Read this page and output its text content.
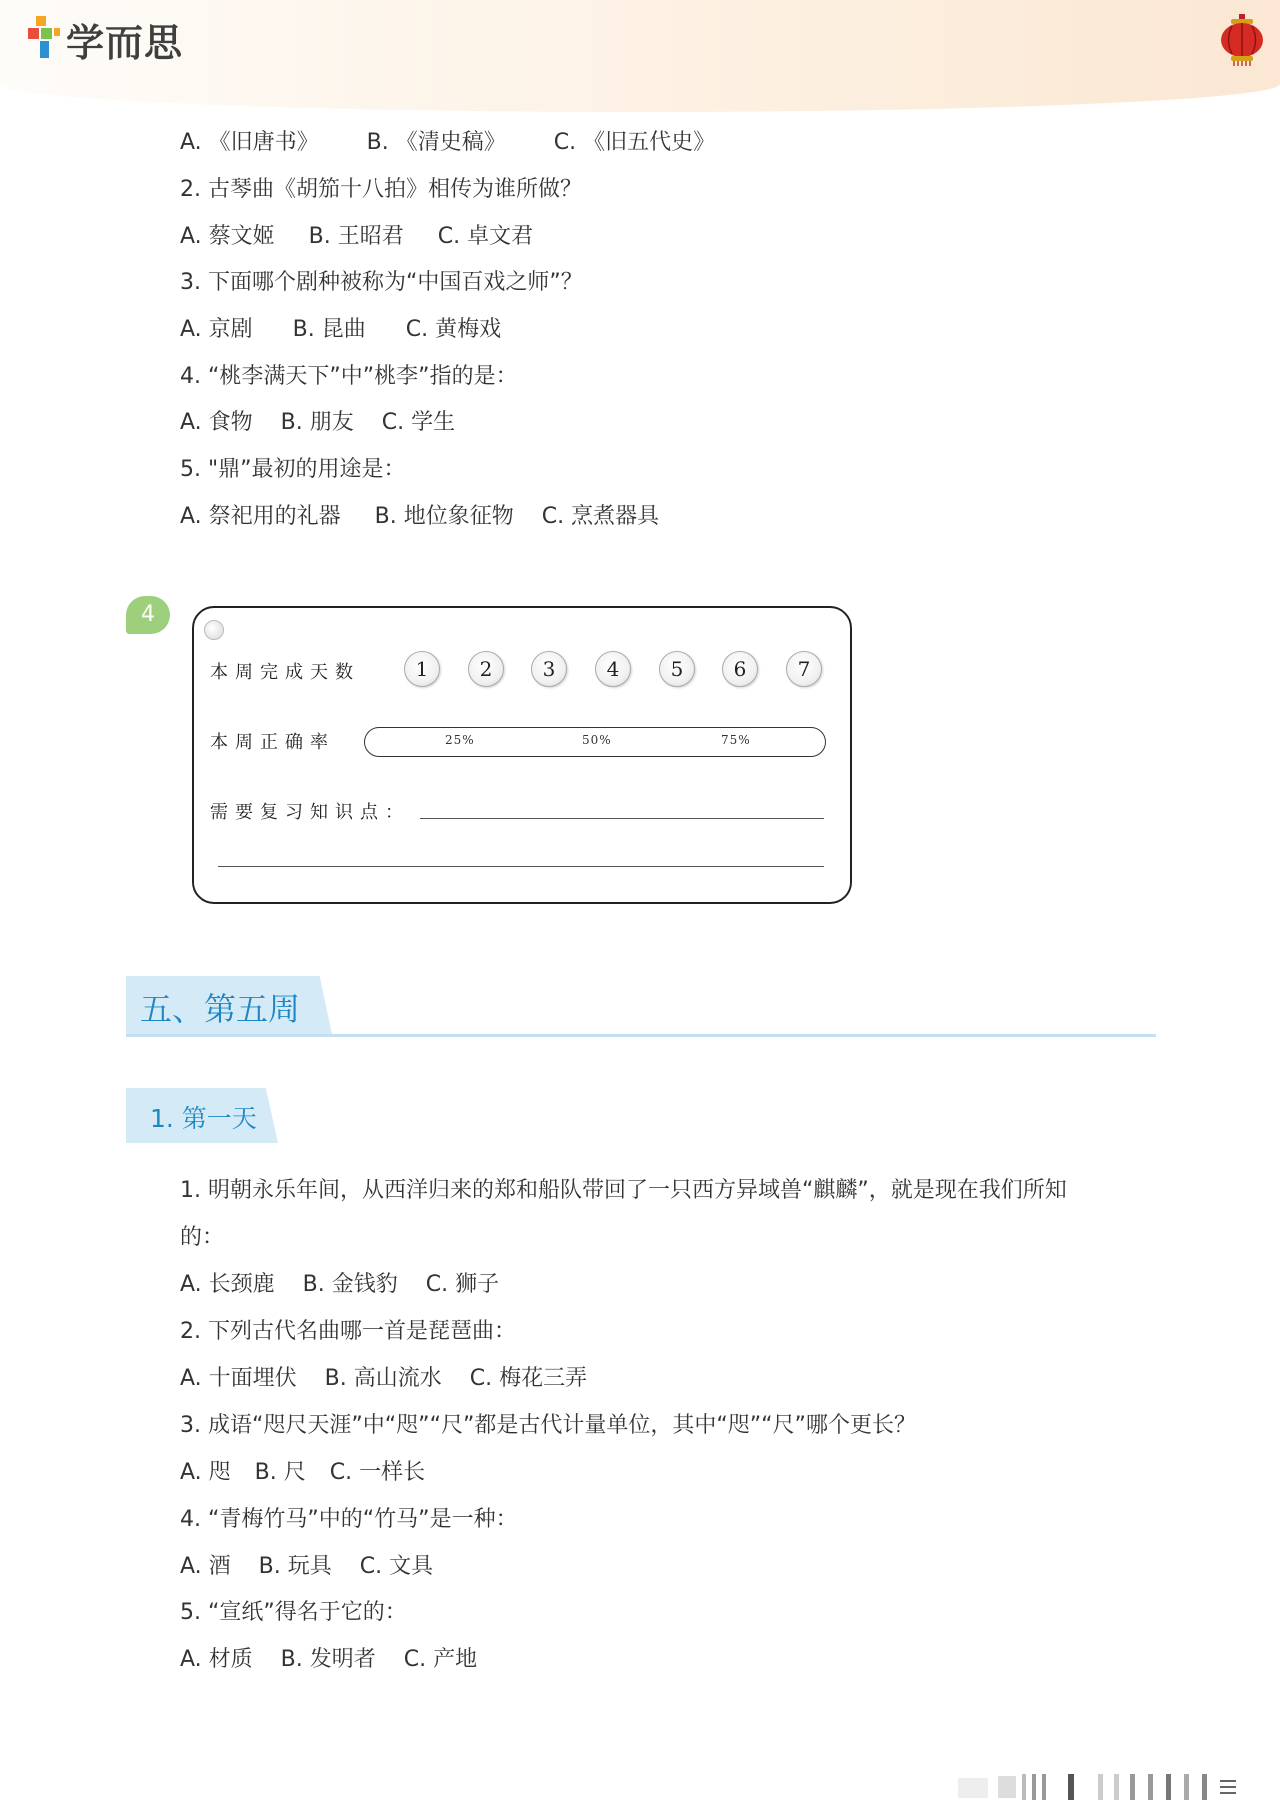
学而思
A. 《旧唐书》 B. 《清史稿》 C. 《旧五代史》
2. 古琴曲《胡笳十八拍》相传为谁所做？
A. 蔡文姬 B. 王昭君 C. 卓文君
3. 下面哪个剧种被称为“中国百戏之师”？
A. 京剧 B. 昆曲 C. 黄梅戏
4. “桃李满天下”中”桃李”指的是：
A. 食物 B. 朋友 C. 学生
5. "鼎”最初的用途是：
A. 祭祀用的礼器 B. 地位象征物 C. 烹煮器具
4
本周完成天数	1	2	3	4	5	6	7
本周正确率	25%	50%	75%
需要复习知识点：
五、第五周
1. 第一天
1. 明朝永乐年间，从西洋归来的郑和船队带回了一只西方异域兽“麒麟”，就是现在我们所知
的：
A. 长颈鹿 B. 金钱豹 C. 狮子
2. 下列古代名曲哪一首是琵琶曲：
A. 十面埋伏 B. 高山流水 C. 梅花三弄
3. 成语“咫尺天涯”中“咫”“尺”都是古代计量单位，其中“咫”“尺”哪个更长？
A. 咫 B. 尺 C. 一样长
4. “青梅竹马”中的“竹马”是一种：
A. 酒 B. 玩具 C. 文具
5. “宣纸”得名于它的：
A. 材质 B. 发明者 C. 产地
